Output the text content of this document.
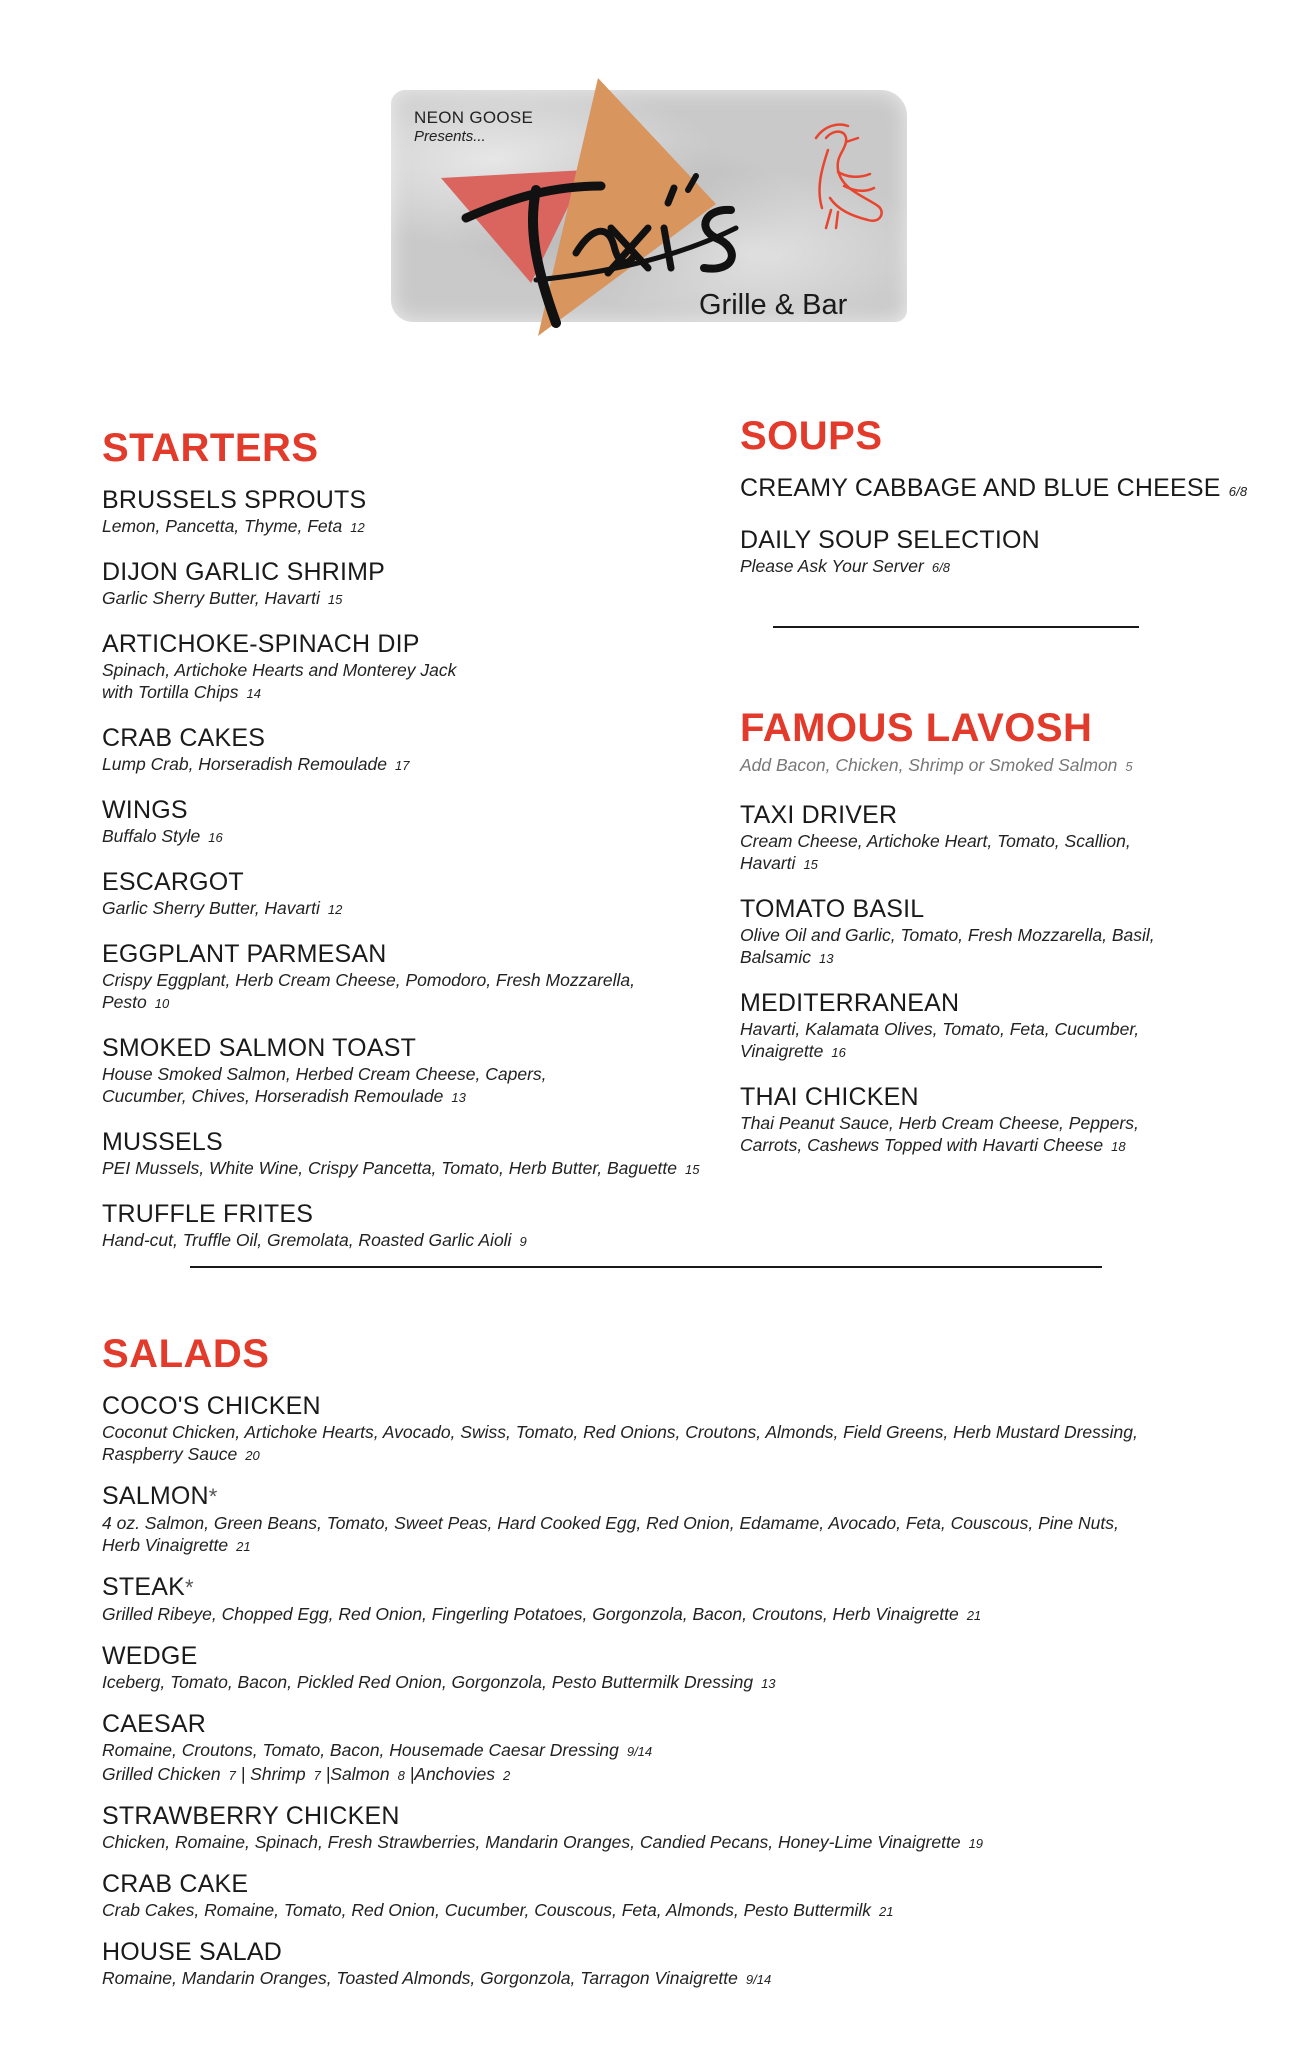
NEON GOOSE
Presents...
Grille & Bar
STARTERS
BRUSSELS SPROUTS
Lemon, Pancetta, Thyme, Feta 12
DIJON GARLIC SHRIMP
Garlic Sherry Butter, Havarti 15
ARTICHOKE-SPINACH DIP
Spinach, Artichoke Hearts and Monterey Jack
with Tortilla Chips 14
CRAB CAKES
Lump Crab, Horseradish Remoulade 17
WINGS
Buffalo Style 16
ESCARGOT
Garlic Sherry Butter, Havarti 12
EGGPLANT PARMESAN
Crispy Eggplant, Herb Cream Cheese, Pomodoro, Fresh Mozzarella,
Pesto 10
SMOKED SALMON TOAST
House Smoked Salmon, Herbed Cream Cheese, Capers,
Cucumber, Chives, Horseradish Remoulade 13
MUSSELS
PEI Mussels, White Wine, Crispy Pancetta, Tomato, Herb Butter, Baguette 15
TRUFFLE FRITES
Hand-cut, Truffle Oil, Gremolata, Roasted Garlic Aioli 9
SOUPS
CREAMY CABBAGE AND BLUE CHEESE 6/8
DAILY SOUP SELECTION
Please Ask Your Server 6/8
FAMOUS LAVOSH
Add Bacon, Chicken, Shrimp or Smoked Salmon 5
TAXI DRIVER
Cream Cheese, Artichoke Heart, Tomato, Scallion,
Havarti 15
TOMATO BASIL
Olive Oil and Garlic, Tomato, Fresh Mozzarella, Basil,
Balsamic 13
MEDITERRANEAN
Havarti, Kalamata Olives, Tomato, Feta, Cucumber,
Vinaigrette 16
THAI CHICKEN
Thai Peanut Sauce, Herb Cream Cheese, Peppers,
Carrots, Cashews Topped with Havarti Cheese 18
SALADS
COCO'S CHICKEN
Coconut Chicken, Artichoke Hearts, Avocado, Swiss, Tomato, Red Onions, Croutons, Almonds, Field Greens, Herb Mustard Dressing,
Raspberry Sauce 20
SALMON*
4 oz. Salmon, Green Beans, Tomato, Sweet Peas, Hard Cooked Egg, Red Onion, Edamame, Avocado, Feta, Couscous, Pine Nuts,
Herb Vinaigrette 21
STEAK*
Grilled Ribeye, Chopped Egg, Red Onion, Fingerling Potatoes, Gorgonzola, Bacon, Croutons, Herb Vinaigrette 21
WEDGE
Iceberg, Tomato, Bacon, Pickled Red Onion, Gorgonzola, Pesto Buttermilk Dressing 13
CAESAR
Romaine, Croutons, Tomato, Bacon, Housemade Caesar Dressing 9/14
Grilled Chicken 7 | Shrimp 7 |Salmon 8 |Anchovies 2
STRAWBERRY CHICKEN
Chicken, Romaine, Spinach, Fresh Strawberries, Mandarin Oranges, Candied Pecans, Honey-Lime Vinaigrette 19
CRAB CAKE
Crab Cakes, Romaine, Tomato, Red Onion, Cucumber, Couscous, Feta, Almonds, Pesto Buttermilk 21
HOUSE SALAD
Romaine, Mandarin Oranges, Toasted Almonds, Gorgonzola, Tarragon Vinaigrette 9/14
